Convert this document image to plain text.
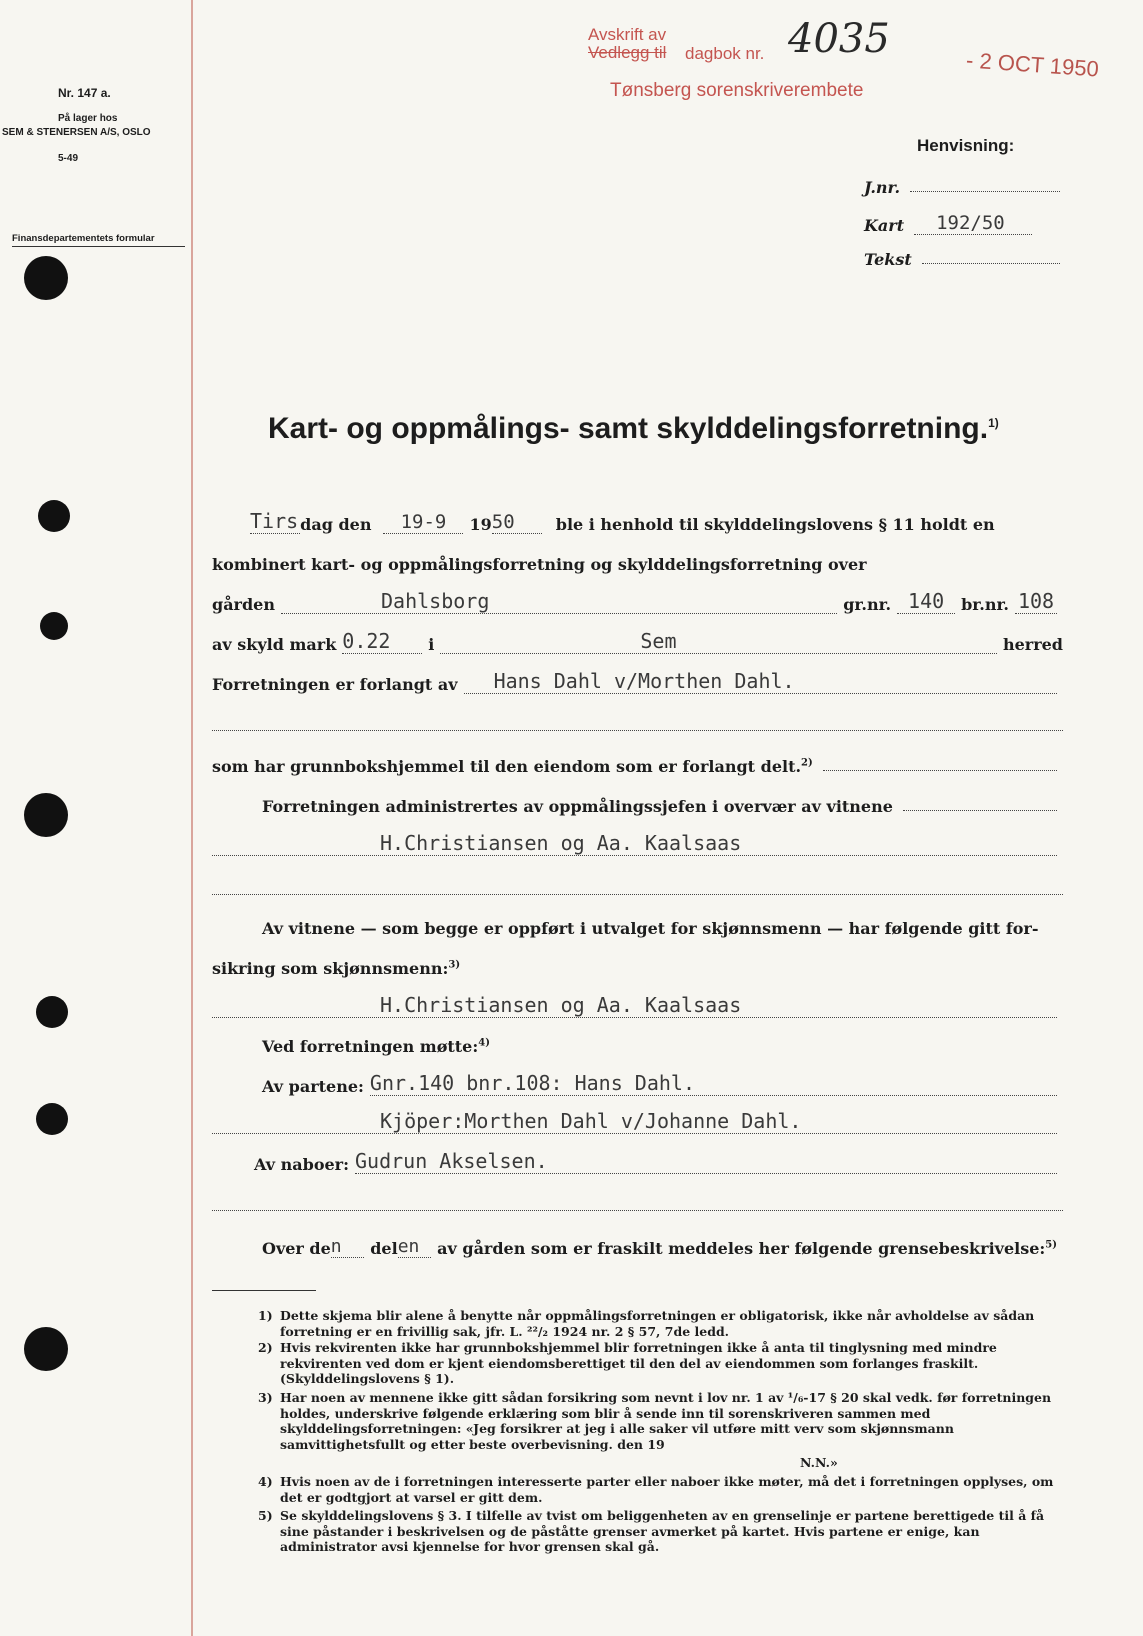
Nr. 147 a.
På lager hos
SEM & STENERSEN A/S, OSLO
5-49
Finansdepartementets formular
Avskrift av
Vedlegg til dagbok nr. 4035
- 2 OCT 1950
Tønsberg sorenskriverembete
Henvisning:
J.nr.
Kart	192/50
Tekst
Kart- og oppmålings- samt skylddelingsforretning.$^{1)}$
Tirs dag den	19-9	19 50	ble i henhold til skylddelingslovens § 11 holdt en
kombinert kart- og oppmålingsforretning og skylddelingsforretning over
gården	Dahlsborg	gr.nr. 140	br.nr. 108
av skyld mark 0.22	i	Sem	herred
Forretningen er forlangt av	Hans Dahl v/Morthen Dahl.
som har grunnbokshjemmel til den eiendom som er forlangt delt.$^{2)}$
Forretningen administrertes av oppmålingssjefen i overvær av vitnene
H.Christiansen og Aa. Kaalsaas
Av vitnene — som begge er oppført i utvalget for skjønnsmenn — har følgende gitt for-
sikring som skjønnsmenn:$^{3)}$
H.Christiansen og Aa. Kaalsaas
Ved forretningen møtte:$^{4)}$
Av partene: Gnr.140 bnr.108: Hans Dahl.
Kjöper:Morthen Dahl v/Johanne Dahl.
Av naboer: Gudrun Akselsen.
Over de n	del en	av gården som er fraskilt meddeles her følgende grensebeskrivelse:$^{5)}$
1) Dette skjema blir alene å benytte når oppmålingsforretningen er obligatorisk, ikke når avholdelse av sådan forretning er en frivillig sak, jfr. L. ²²/₂ 1924 nr. 2 § 57, 7de ledd.
2) Hvis rekvirenten ikke har grunnbokshjemmel blir forretningen ikke å anta til tinglysning med mindre rekvirenten ved dom er kjent eiendomsberettiget til den del av eiendommen som forlanges fraskilt. (Skylddelingslovens § 1).
3) Har noen av mennene ikke gitt sådan forsikring som nevnt i lov nr. 1 av ¹/₆-17 § 20 skal vedk. før forretningen holdes, underskrive følgende erklæring som blir å sende inn til sorenskriveren sammen med skylddelingsforretningen: «Jeg forsikrer at jeg i alle saker vil utføre mitt verv som skjønnsmann samvittighetsfullt og etter beste overbevisning. den 19
N.N.»
4) Hvis noen av de i forretningen interesserte parter eller naboer ikke møter, må det i forretningen opplyses, om det er godtgjort at varsel er gitt dem.
5) Se skylddelingslovens § 3. I tilfelle av tvist om beliggenheten av en grenselinje er partene berettigede til å få sine påstander i beskrivelsen og de påståtte grenser avmerket på kartet. Hvis partene er enige, kan administrator avsi kjennelse for hvor grensen skal gå.
